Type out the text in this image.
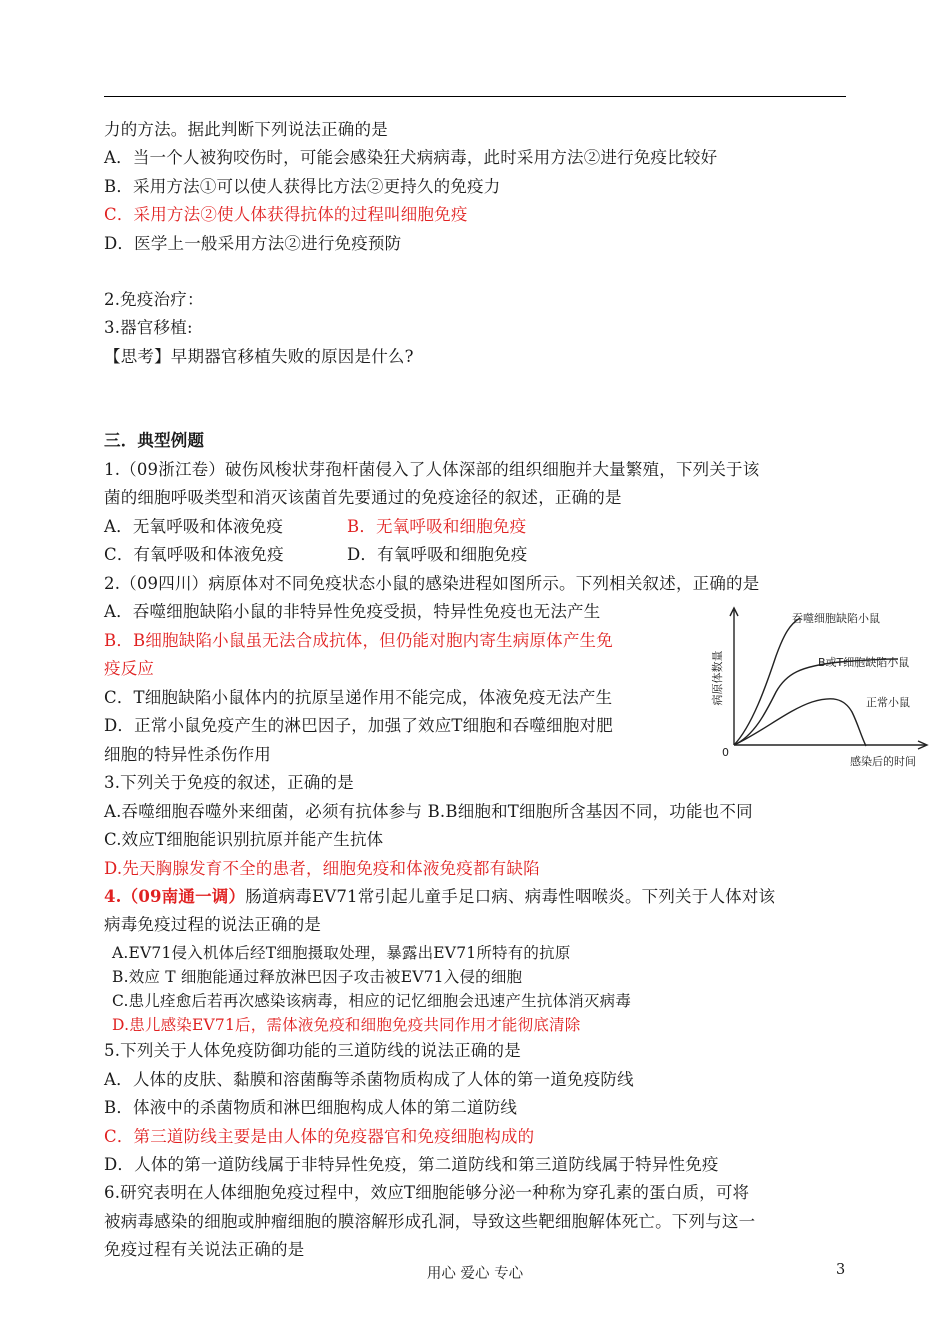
力的方法。据此判断下列说法正确的是
A．当一个人被狗咬伤时，可能会感染狂犬病病毒，此时采用方法②进行免疫比较好
B．采用方法①可以使人获得比方法②更持久的免疫力
C．采用方法②使人体获得抗体的过程叫细胞免疫
D．医学上一般采用方法②进行免疫预防
2.免疫治疗：
3.器官移植:
【思考】早期器官移植失败的原因是什么?
三．典型例题
1.（09浙江卷）破伤风梭状芽孢杆菌侵入了人体深部的组织细胞并大量繁殖，下列关于该
菌的细胞呼吸类型和消灭该菌首先要通过的免疫途径的叙述，正确的是
A．无氧呼吸和体液免疫	B．无氧呼吸和细胞免疫
C．有氧呼吸和体液免疫	D．有氧呼吸和细胞免疫
2.（09四川）病原体对不同免疫状态小鼠的感染进程如图所示。下列相关叙述，正确的是
A．吞噬细胞缺陷小鼠的非特异性免疫受损，特异性免疫也无法产生
B．B细胞缺陷小鼠虽无法合成抗体，但仍能对胞内寄生病原体产生免
疫反应
C．T细胞缺陷小鼠体内的抗原呈递作用不能完成，体液免疫无法产生
D．正常小鼠免疫产生的淋巴因子，加强了效应T细胞和吞噬细胞对肥
细胞的特异性杀伤作用
病原体数量
0
感染后的时间
吞噬细胞缺陷小鼠
B或T细胞缺陷小鼠
正常小鼠
3.下列关于免疫的叙述，正确的是
A.吞噬细胞吞噬外来细菌，必须有抗体参与 B.B细胞和T细胞所含基因不同，功能也不同
C.效应T细胞能识别抗原并能产生抗体
D.先天胸腺发育不全的患者，细胞免疫和体液免疫都有缺陷
4.（09南通一调）肠道病毒EV71常引起儿童手足口病、病毒性咽喉炎。下列关于人体对该
病毒免疫过程的说法正确的是
A.EV71侵入机体后经T细胞摄取处理，暴露出EV71所特有的抗原
B.效应 T 细胞能通过释放淋巴因子攻击被EV71入侵的细胞
C.患儿痊愈后若再次感染该病毒，相应的记忆细胞会迅速产生抗体消灭病毒
D.患儿感染EV71后，需体液免疫和细胞免疫共同作用才能彻底清除
5.下列关于人体免疫防御功能的三道防线的说法正确的是
A．人体的皮肤、黏膜和溶菌酶等杀菌物质构成了人体的第一道免疫防线
B．体液中的杀菌物质和淋巴细胞构成人体的第二道防线
C．第三道防线主要是由人体的免疫器官和免疫细胞构成的
D．人体的第一道防线属于非特异性免疫，第二道防线和第三道防线属于特异性免疫
6.研究表明在人体细胞免疫过程中，效应T细胞能够分泌一种称为穿孔素的蛋白质，可将
被病毒感染的细胞或肿瘤细胞的膜溶解形成孔洞，导致这些靶细胞解体死亡。下列与这一
免疫过程有关说法正确的是
用心 爱心 专心	3
